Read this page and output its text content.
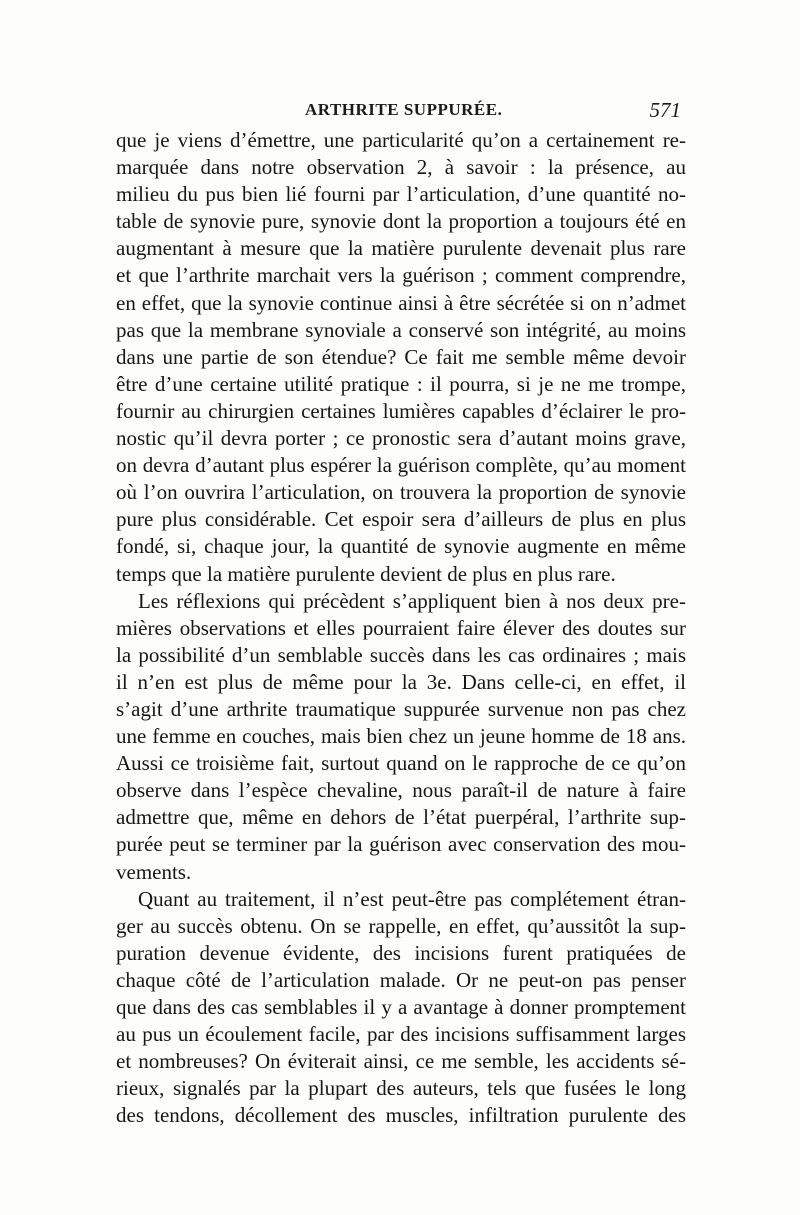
ARTHRITE SUPPURÉE.	571
que je viens d’émettre, une particularité qu’on a certainement re-
marquée dans notre observation 2, à savoir : la présence, au
milieu du pus bien lié fourni par l’articulation, d’une quantité no-
table de synovie pure, synovie dont la proportion a toujours été en
augmentant à mesure que la matière purulente devenait plus rare
et que l’arthrite marchait vers la guérison ; comment comprendre,
en effet, que la synovie continue ainsi à être sécrétée si on n’admet
pas que la membrane synoviale a conservé son intégrité, au moins
dans une partie de son étendue? Ce fait me semble même devoir
être d’une certaine utilité pratique : il pourra, si je ne me trompe,
fournir au chirurgien certaines lumières capables d’éclairer le pro-
nostic qu’il devra porter ; ce pronostic sera d’autant moins grave,
on devra d’autant plus espérer la guérison complète, qu’au moment
où l’on ouvrira l’articulation, on trouvera la proportion de synovie
pure plus considérable. Cet espoir sera d’ailleurs de plus en plus
fondé, si, chaque jour, la quantité de synovie augmente en même
temps que la matière purulente devient de plus en plus rare.
Les réflexions qui précèdent s’appliquent bien à nos deux pre-
mières observations et elles pourraient faire élever des doutes sur
la possibilité d’un semblable succès dans les cas ordinaires ; mais
il n’en est plus de même pour la 3e. Dans celle-ci, en effet, il
s’agit d’une arthrite traumatique suppurée survenue non pas chez
une femme en couches, mais bien chez un jeune homme de 18 ans.
Aussi ce troisième fait, surtout quand on le rapproche de ce qu’on
observe dans l’espèce chevaline, nous paraît-il de nature à faire
admettre que, même en dehors de l’état puerpéral, l’arthrite sup-
purée peut se terminer par la guérison avec conservation des mou-
vements.
Quant au traitement, il n’est peut-être pas complétement étran-
ger au succès obtenu. On se rappelle, en effet, qu’aussitôt la sup-
puration devenue évidente, des incisions furent pratiquées de
chaque côté de l’articulation malade. Or ne peut-on pas penser
que dans des cas semblables il y a avantage à donner promptement
au pus un écoulement facile, par des incisions suffisamment larges
et nombreuses? On éviterait ainsi, ce me semble, les accidents sé-
rieux, signalés par la plupart des auteurs, tels que fusées le long
des tendons, décollement des muscles, infiltration purulente des
